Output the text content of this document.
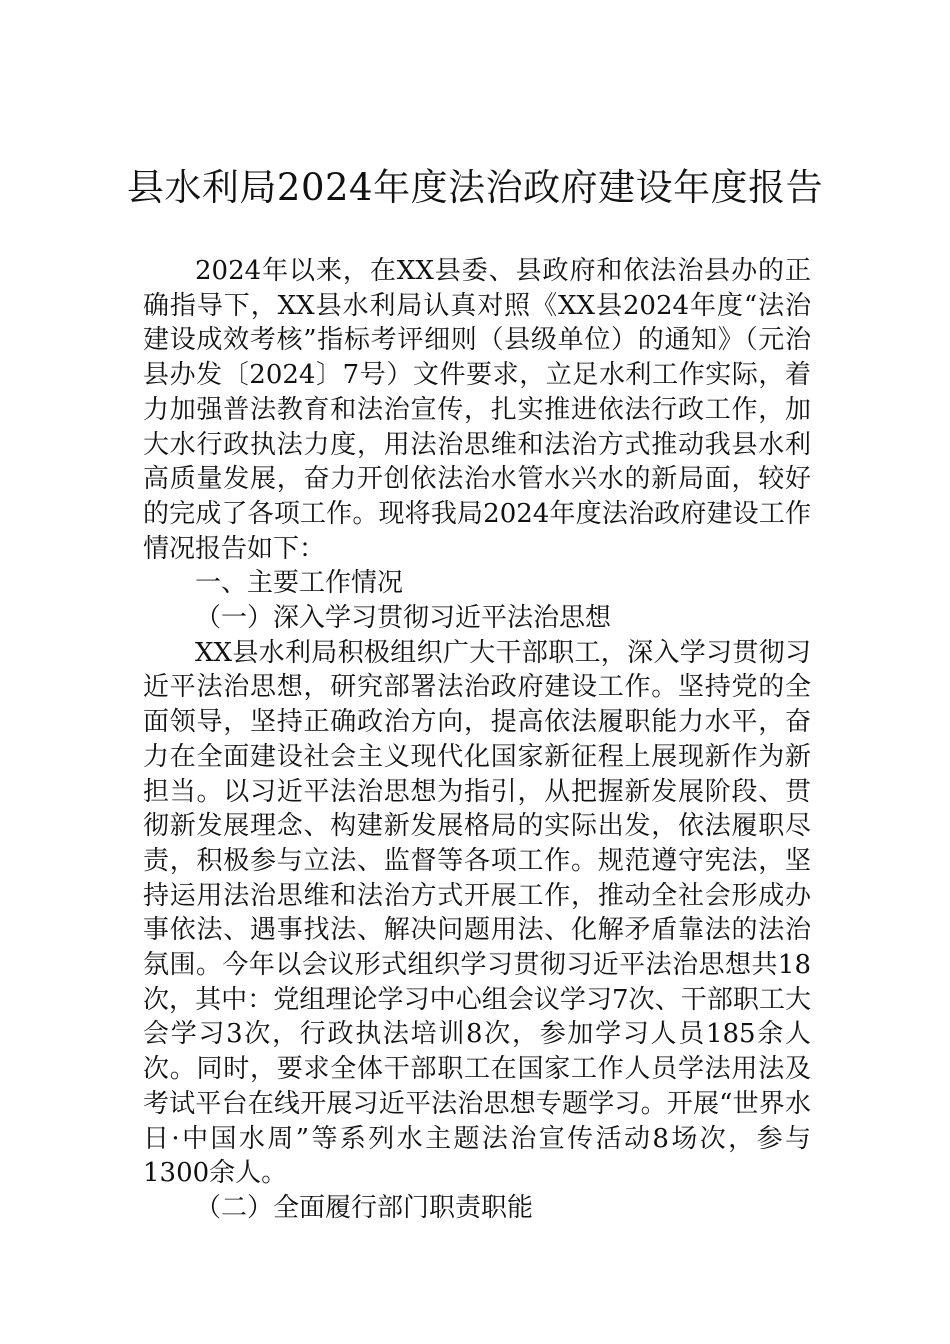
县水利局2024年度法治政府建设年度报告

2024年以来，在XX县委、县政府和依法治县办的正确指导下，XX县水利局认真对照《XX县2024年度“法治建设成效考核”指标考评细则（县级单位）的通知》（元治县办发〔2024〕7号）文件要求，立足水利工作实际，着力加强普法教育和法治宣传，扎实推进依法行政工作，加大水行政执法力度，用法治思维和法治方式推动我县水利高质量发展，奋力开创依法治水管水兴水的新局面，较好的完成了各项工作。现将我局2024年度法治政府建设工作情况报告如下：

一、主要工作情况

（一）深入学习贯彻习近平法治思想

XX县水利局积极组织广大干部职工，深入学习贯彻习近平法治思想，研究部署法治政府建设工作。坚持党的全面领导，坚持正确政治方向，提高依法履职能力水平，奋力在全面建设社会主义现代化国家新征程上展现新作为新担当。以习近平法治思想为指引，从把握新发展阶段、贯彻新发展理念、构建新发展格局的实际出发，依法履职尽责，积极参与立法、监督等各项工作。规范遵守宪法，坚持运用法治思维和法治方式开展工作，推动全社会形成办事依法、遇事找法、解决问题用法、化解矛盾靠法的法治氛围。今年以会议形式组织学习贯彻习近平法治思想共18次，其中：党组理论学习中心组会议学习7次、干部职工大会学习3次，行政执法培训8次，参加学习人员185余人次。同时，要求全体干部职工在国家工作人员学法用法及考试平台在线开展习近平法治思想专题学习。开展“世界水日·中国水周”等系列水主题法治宣传活动8场次，参与1300余人。

（二）全面履行部门职责职能
